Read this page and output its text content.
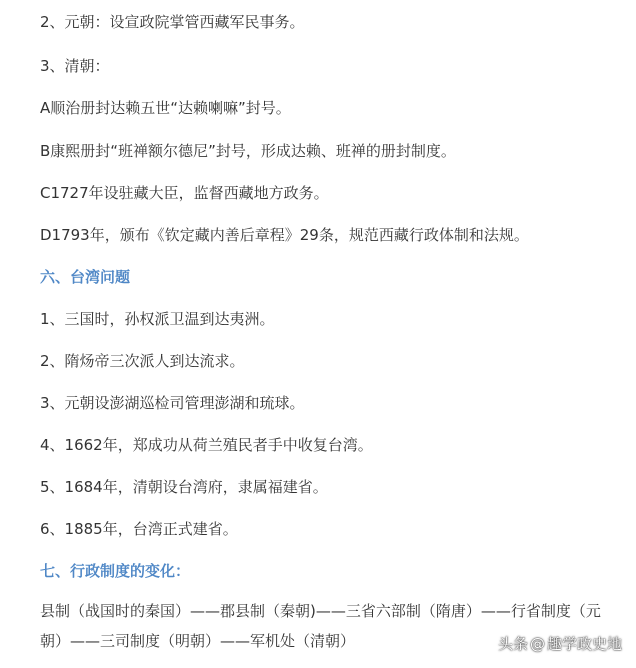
2、元朝：设宣政院掌管西藏军民事务。

3、清朝：

A顺治册封达赖五世“达赖喇嘛”封号。

B康熙册封“班禅额尔德尼”封号，形成达赖、班禅的册封制度。

C1727年设驻藏大臣，监督西藏地方政务。

D1793年，颁布《钦定藏内善后章程》29条，规范西藏行政体制和法规。

六、台湾问题

1、三国时，孙权派卫温到达夷洲。

2、隋炀帝三次派人到达流求。

3、元朝设澎湖巡检司管理澎湖和琉球。

4、1662年，郑成功从荷兰殖民者手中收复台湾。

5、1684年，清朝设台湾府，隶属福建省。

6、1885年，台湾正式建省。

七、行政制度的变化：

县制（战国时的秦国）——郡县制（秦朝)——三省六部制（隋唐）——行省制度（元朝）——三司制度（明朝）——军机处（清朝）	头条 @ 趣学政史地
